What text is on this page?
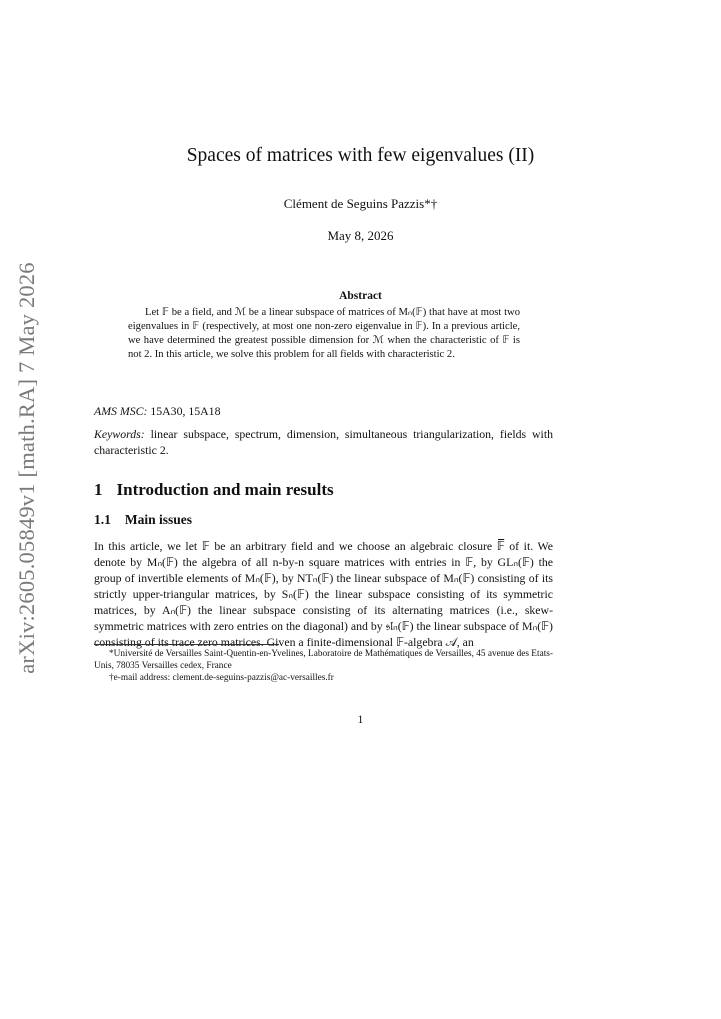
arXiv:2605.05849v1 [math.RA] 7 May 2026
Spaces of matrices with few eigenvalues (II)
Clément de Seguins Pazzis*†
May 8, 2026
Abstract
Let 𝔽 be a field, and ℳ be a linear subspace of matrices of Mₙ(𝔽) that have at most two eigenvalues in 𝔽 (respectively, at most one non-zero eigenvalue in 𝔽). In a previous article, we have determined the greatest possible dimension for ℳ when the characteristic of 𝔽 is not 2. In this article, we solve this problem for all fields with characteristic 2.
AMS MSC: 15A30, 15A18
Keywords: linear subspace, spectrum, dimension, simultaneous triangularization, fields with characteristic 2.
1 Introduction and main results
1.1 Main issues
In this article, we let 𝔽 be an arbitrary field and we choose an algebraic closure 𝔽̅ of it. We denote by Mₙ(𝔽) the algebra of all n-by-n square matrices with entries in 𝔽, by GLₙ(𝔽) the group of invertible elements of Mₙ(𝔽), by NTₙ(𝔽) the linear subspace of Mₙ(𝔽) consisting of its strictly upper-triangular matrices, by Sₙ(𝔽) the linear subspace consisting of its symmetric matrices, by Aₙ(𝔽) the linear subspace consisting of its alternating matrices (i.e., skew-symmetric matrices with zero entries on the diagonal) and by 𝔰𝔩ₙ(𝔽) the linear subspace of Mₙ(𝔽) consisting of its trace zero matrices. Given a finite-dimensional 𝔽-algebra 𝒜, an

*Université de Versailles Saint-Quentin-en-Yvelines, Laboratoire de Mathématiques de Versailles, 45 avenue des Etats-Unis, 78035 Versailles cedex, France

†e-mail address: clement.de-seguins-pazzis@ac-versailles.fr

1
